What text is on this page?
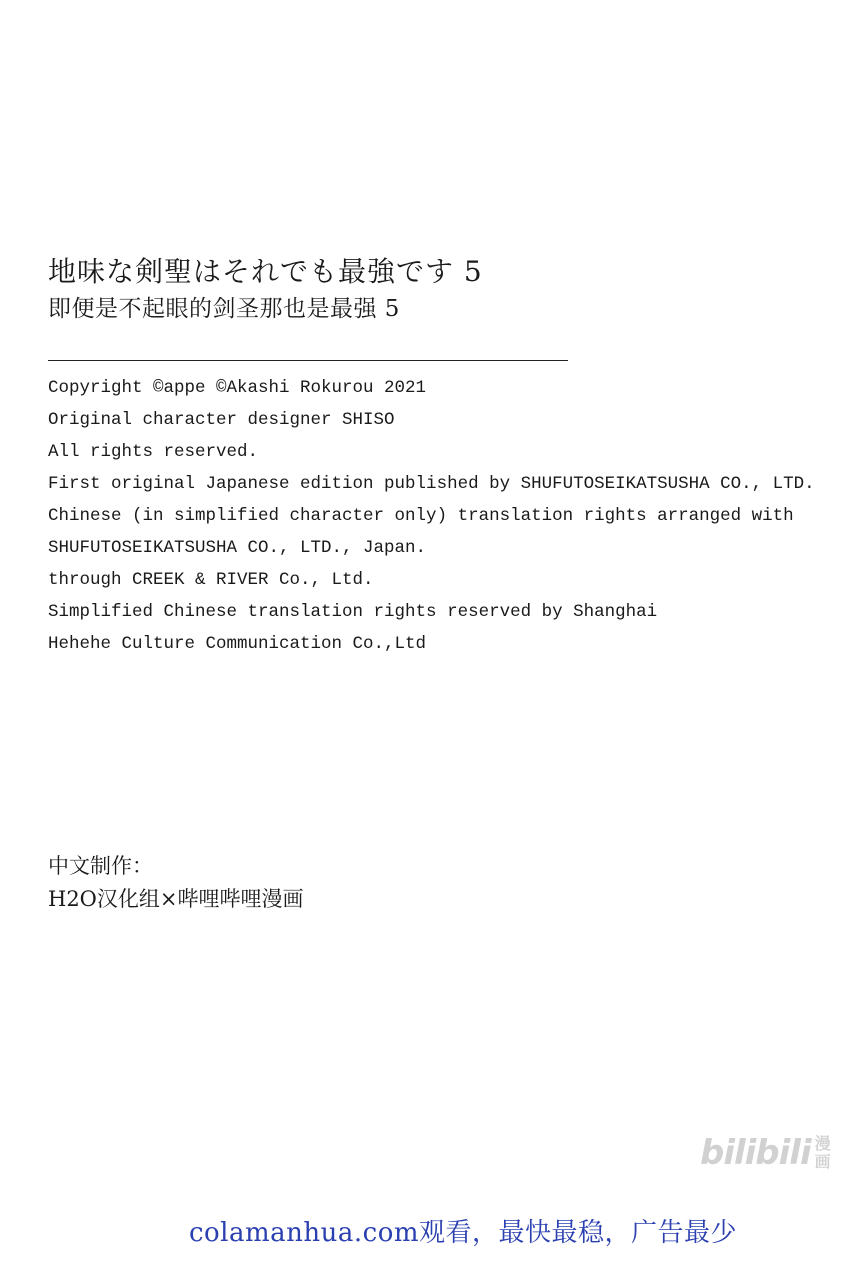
地味な剣聖はそれでも最強です 5
即便是不起眼的剑圣那也是最强 5
Copyright ©appe ©Akashi Rokurou 2021
Original character designer SHISO
All rights reserved.
First original Japanese edition published by SHUFUTOSEIKATSUSHA CO., LTD.
Chinese (in simplified character only) translation rights arranged with
SHUFUTOSEIKATSUSHA CO., LTD., Japan.
through CREEK & RIVER Co., Ltd.
Simplified Chinese translation rights reserved by Shanghai
Hehehe Culture Communication Co.,Ltd
中文制作：
H2O汉化组×哔哩哔哩漫画
bilibili 漫
画
colamanhua.com观看，最快最稳，广告最少
